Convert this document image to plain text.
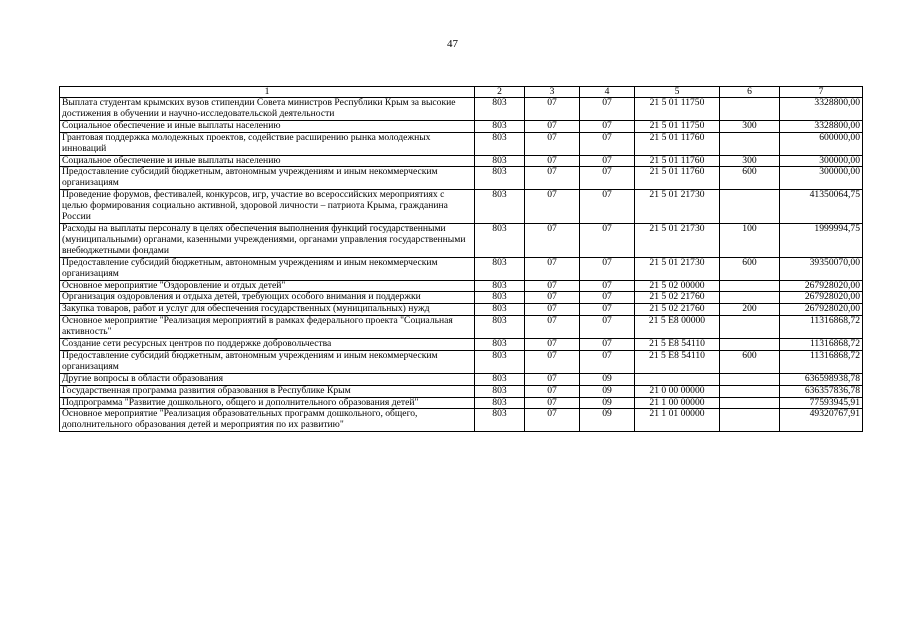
47
1	2	3	4	5	6	7
Выплата студентам крымских вузов стипендии Совета министров Республики Крым за высокие достижения в обучении и научно-исследовательской деятельности	803	07	07	21 5 01 11750		3328800,00
Социальное обеспечение и иные выплаты населению	803	07	07	21 5 01 11750	300	3328800,00
Грантовая поддержка молодежных проектов, содействие расширению рынка молодежных инноваций	803	07	07	21 5 01 11760		600000,00
Социальное обеспечение и иные выплаты населению	803	07	07	21 5 01 11760	300	300000,00
Предоставление субсидий бюджетным, автономным учреждениям и иным некоммерческим организациям	803	07	07	21 5 01 11760	600	300000,00
Проведение форумов, фестивалей, конкурсов, игр, участие во всероссийских мероприятиях с целью формирования социально активной, здоровой личности – патриота Крыма, гражданина России	803	07	07	21 5 01 21730		41350064,75
Расходы на выплаты персоналу в целях обеспечения выполнения функций государственными (муниципальными) органами, казенными учреждениями, органами управления государственными внебюджетными фондами	803	07	07	21 5 01 21730	100	1999994,75
Предоставление субсидий бюджетным, автономным учреждениям и иным некоммерческим организациям	803	07	07	21 5 01 21730	600	39350070,00
Основное мероприятие "Оздоровление и отдых детей"	803	07	07	21 5 02 00000		267928020,00
Организация оздоровления и отдыха детей, требующих особого внимания и поддержки	803	07	07	21 5 02 21760		267928020,00
Закупка товаров, работ и услуг для обеспечения государственных (муниципальных) нужд	803	07	07	21 5 02 21760	200	267928020,00
Основное мероприятие "Реализация мероприятий в рамках федерального проекта "Социальная активность"	803	07	07	21 5 E8 00000		11316868,72
Создание сети ресурсных центров по поддержке добровольчества	803	07	07	21 5 E8 54110		11316868,72
Предоставление субсидий бюджетным, автономным учреждениям и иным некоммерческим организациям	803	07	07	21 5 E8 54110	600	11316868,72
Другие вопросы в области образования	803	07	09			636598938,78
Государственная программа развития образования в Республике Крым	803	07	09	21 0 00 00000		636357836,78
Подпрограмма "Развитие дошкольного, общего и дополнительного образования детей"	803	07	09	21 1 00 00000		77593945,91
Основное мероприятие "Реализация образовательных программ дошкольного, общего, дополнительного образования детей и мероприятия по их развитию"	803	07	09	21 1 01 00000		49320767,91
